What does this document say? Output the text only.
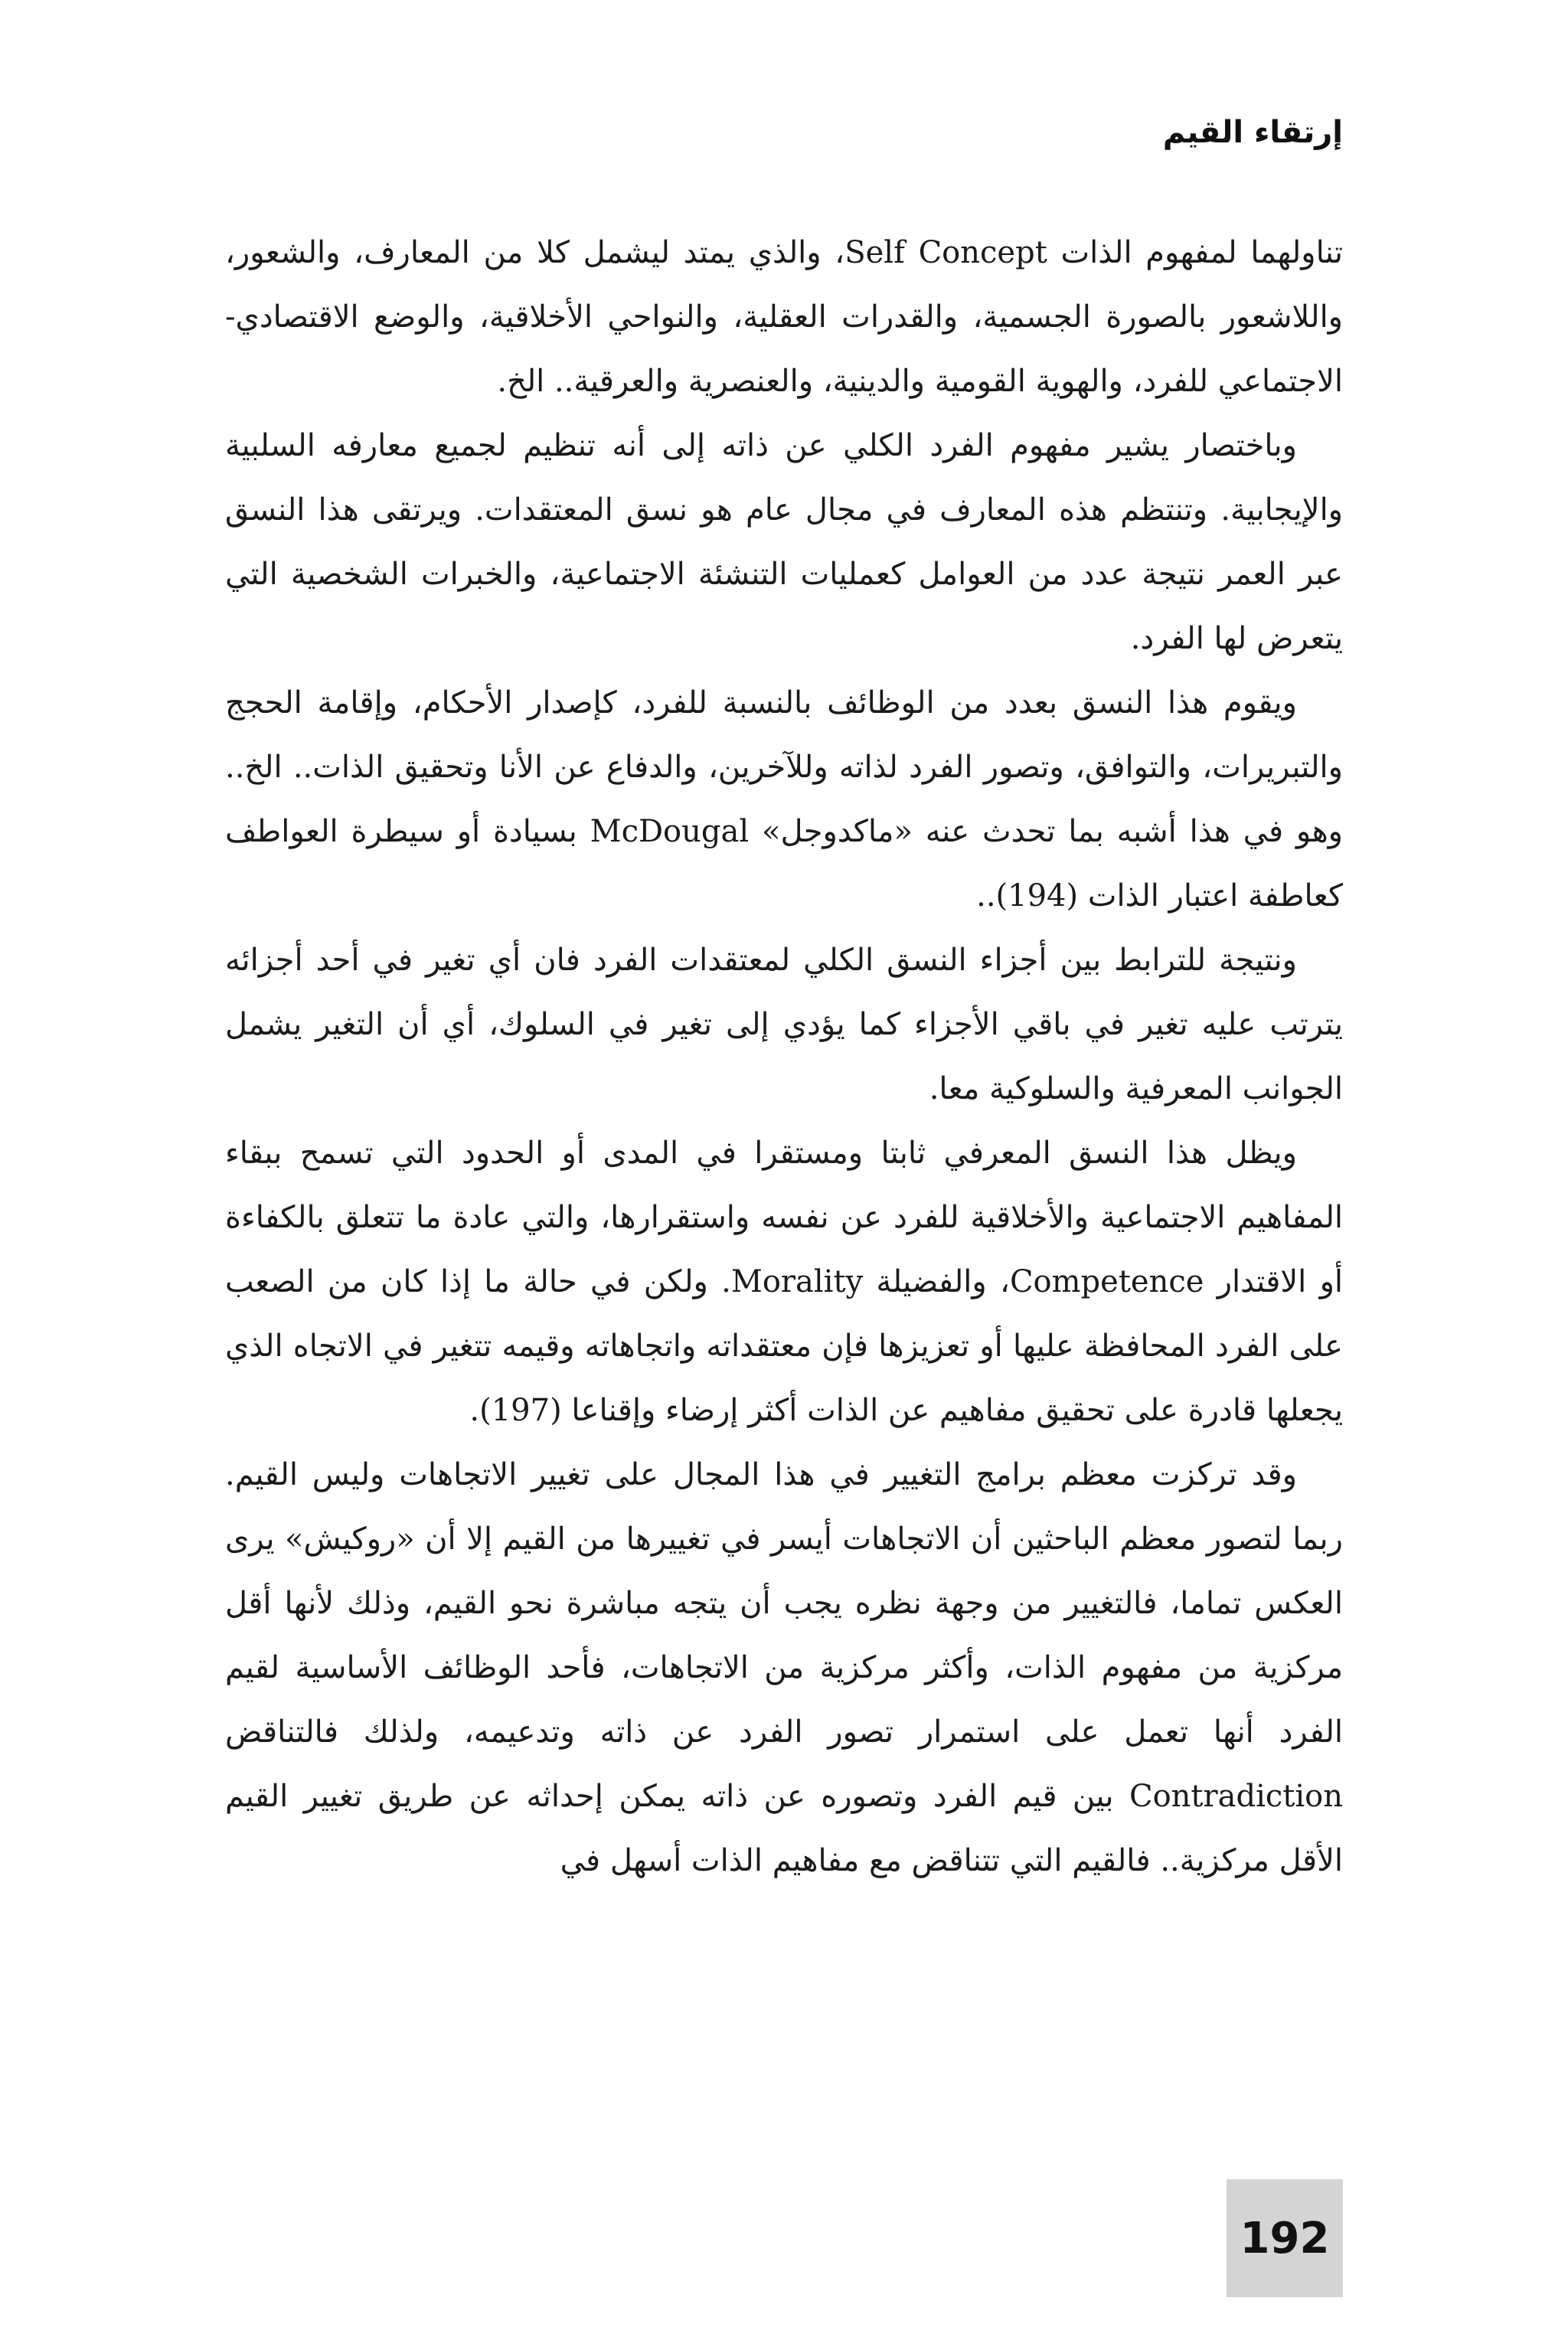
إرتقاء القيم

تناولهما لمفهوم الذات Self Concept، والذي يمتد ليشمل كلا من المعارف، والشعور، واللاشعور بالصورة الجسمية، والقدرات العقلية، والنواحي الأخلاقية، والوضع الاقتصادي-الاجتماعي للفرد، والهوية القومية والدينية، والعنصرية والعرقية.. الخ.

وباختصار يشير مفهوم الفرد الكلي عن ذاته إلى أنه تنظيم لجميع معارفه السلبية والإيجابية. وتنتظم هذه المعارف في مجال عام هو نسق المعتقدات. ويرتقى هذا النسق عبر العمر نتيجة عدد من العوامل كعمليات التنشئة الاجتماعية، والخبرات الشخصية التي يتعرض لها الفرد.

ويقوم هذا النسق بعدد من الوظائف بالنسبة للفرد، كإصدار الأحكام، وإقامة الحجج والتبريرات، والتوافق، وتصور الفرد لذاته وللآخرين، والدفاع عن الأنا وتحقيق الذات.. الخ.. وهو في هذا أشبه بما تحدث عنه «ماكدوجل» McDougal بسيادة أو سيطرة العواطف كعاطفة اعتبار الذات (194)..

ونتيجة للترابط بين أجزاء النسق الكلي لمعتقدات الفرد فان أي تغير في أحد أجزائه يترتب عليه تغير في باقي الأجزاء كما يؤدي إلى تغير في السلوك، أي أن التغير يشمل الجوانب المعرفية والسلوكية معا.

ويظل هذا النسق المعرفي ثابتا ومستقرا في المدى أو الحدود التي تسمح ببقاء المفاهيم الاجتماعية والأخلاقية للفرد عن نفسه واستقرارها، والتي عادة ما تتعلق بالكفاءة أو الاقتدار Competence، والفضيلة Morality. ولكن في حالة ما إذا كان من الصعب على الفرد المحافظة عليها أو تعزيزها فإن معتقداته واتجاهاته وقيمه تتغير في الاتجاه الذي يجعلها قادرة على تحقيق مفاهيم عن الذات أكثر إرضاء وإقناعا (197).

وقد تركزت معظم برامج التغيير في هذا المجال على تغيير الاتجاهات وليس القيم. ربما لتصور معظم الباحثين أن الاتجاهات أيسر في تغييرها من القيم إلا أن «روكيش» يرى العكس تماما، فالتغيير من وجهة نظره يجب أن يتجه مباشرة نحو القيم، وذلك لأنها أقل مركزية من مفهوم الذات، وأكثر مركزية من الاتجاهات، فأحد الوظائف الأساسية لقيم الفرد أنها تعمل على استمرار تصور الفرد عن ذاته وتدعيمه، ولذلك فالتناقض Contradiction بين قيم الفرد وتصوره عن ذاته يمكن إحداثه عن طريق تغيير القيم الأقل مركزية.. فالقيم التي تتناقض مع مفاهيم الذات أسهل في

192
